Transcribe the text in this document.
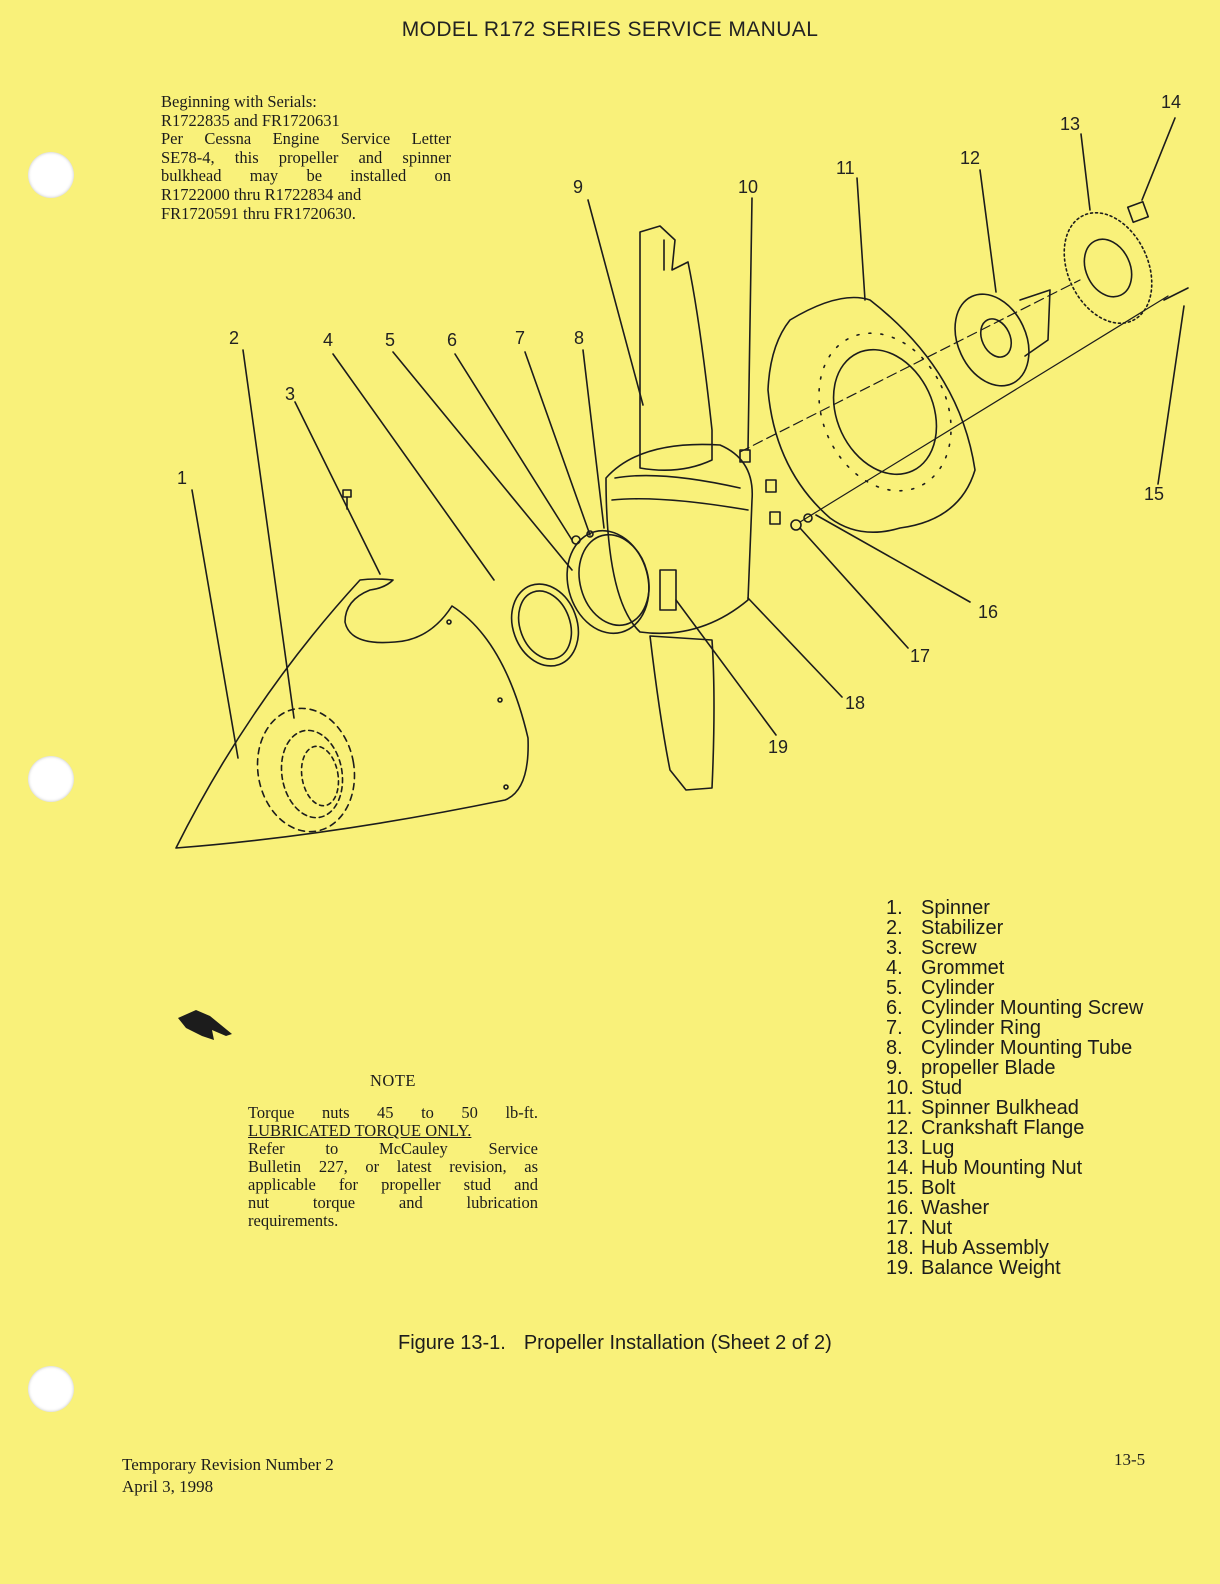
MODEL R172 SERIES SERVICE MANUAL
Beginning with Serials:
R1722835 and FR1720631
Per Cessna Engine Service Letter
SE78-4, this propeller and spinner
bulkhead may be installed on
R1722000 thru R1722834 and
FR1720591 thru FR1720630.
1
2
3
4	5	6	7	8
9	10
11	12
13
14
15
16
17
18
19
1. Spinner
2. Stabilizer
3. Screw
4. Grommet
5. Cylinder
6. Cylinder Mounting Screw
7. Cylinder Ring
8. Cylinder Mounting Tube
9. propeller Blade
10. Stud
11. Spinner Bulkhead
12. Crankshaft Flange
13. Lug
14. Hub Mounting Nut
15. Bolt
16. Washer
17. Nut
18. Hub Assembly
19. Balance Weight
NOTE
Torque nuts 45 to 50 lb-ft.
LUBRICATED TORQUE ONLY.
Refer to McCauley Service
Bulletin 227, or latest revision, as
applicable for propeller stud and
nut torque and lubrication
requirements.
Figure 13-1. Propeller Installation (Sheet 2 of 2)
Temporary Revision Number 2
April 3, 1998
13-5
